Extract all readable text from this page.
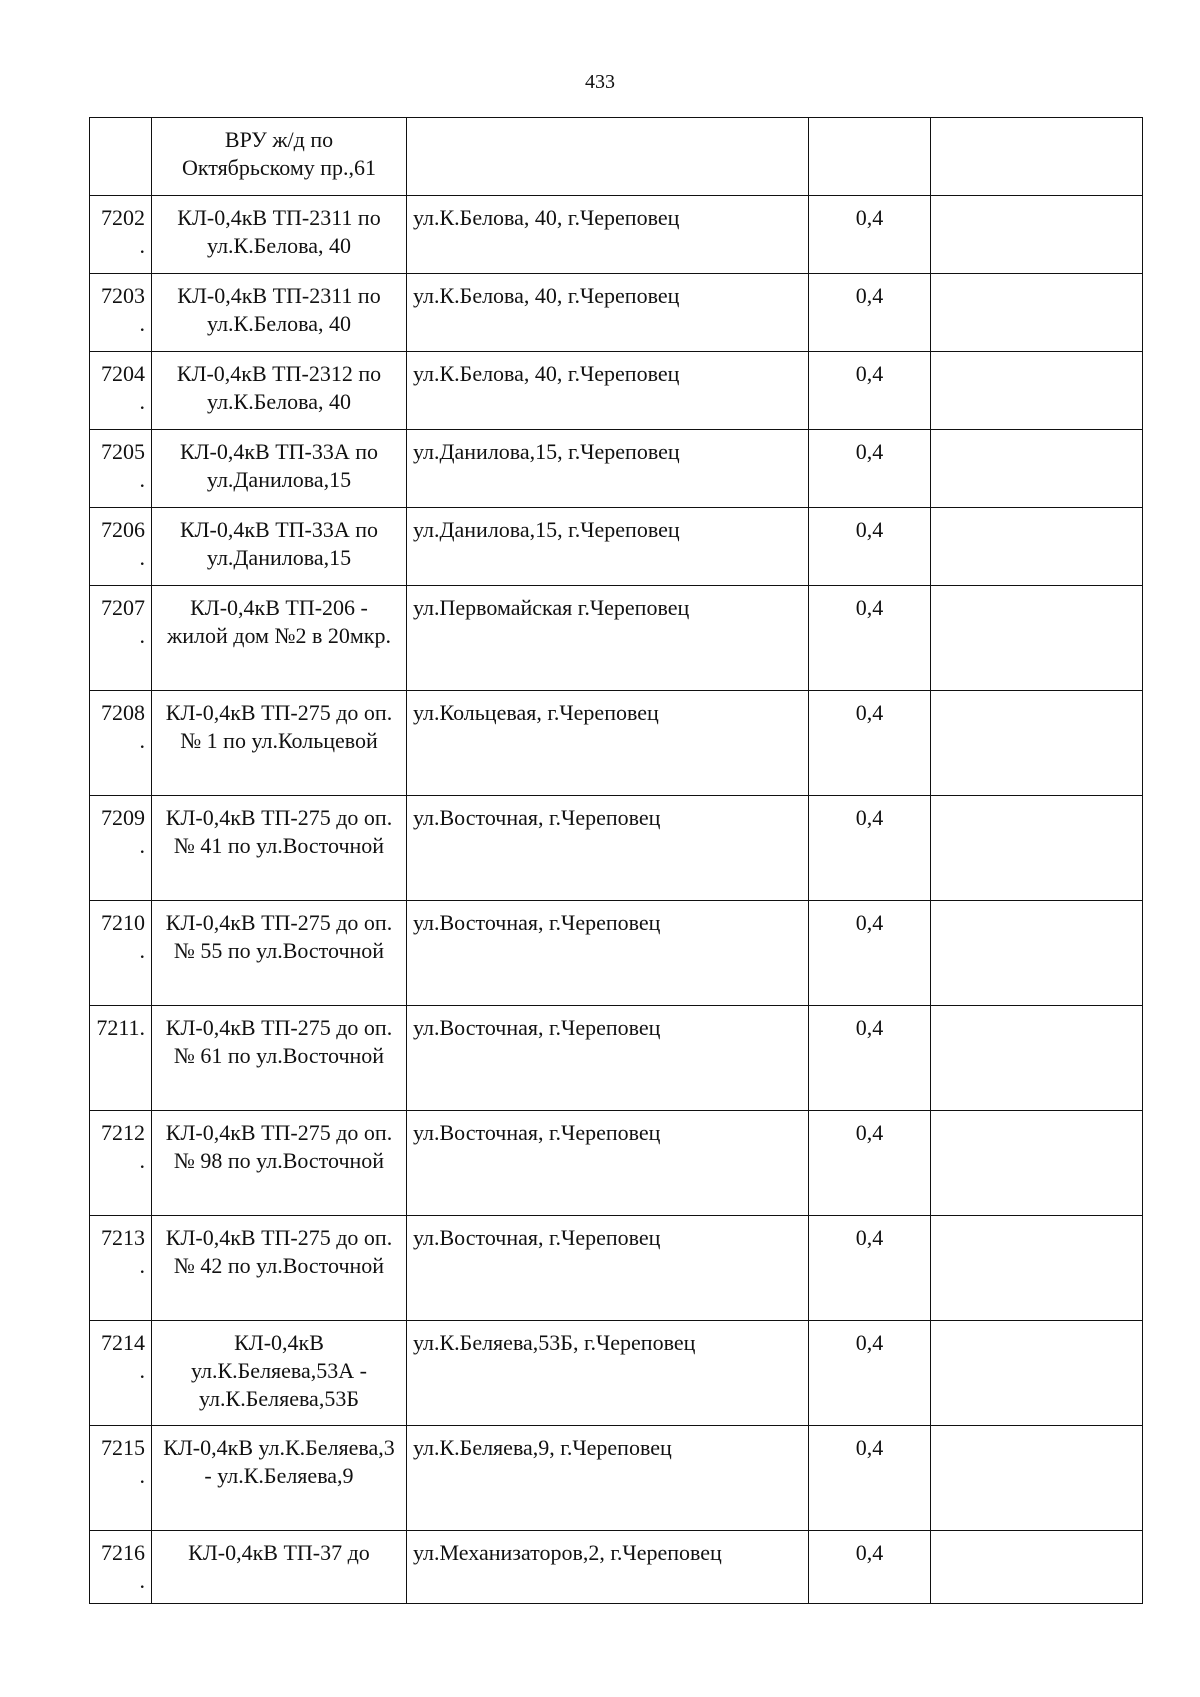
433
	ВРУ ж/д по Октябрьскому пр.,61			
7202.	КЛ-0,4кВ ТП-2311 по ул.К.Белова, 40	ул.К.Белова, 40, г.Череповец	0,4	
7203.	КЛ-0,4кВ ТП-2311 по ул.К.Белова, 40	ул.К.Белова, 40, г.Череповец	0,4	
7204.	КЛ-0,4кВ ТП-2312 по ул.К.Белова, 40	ул.К.Белова, 40, г.Череповец	0,4	
7205.	КЛ-0,4кВ ТП-33А по ул.Данилова,15	ул.Данилова,15, г.Череповец	0,4	
7206.	КЛ-0,4кВ ТП-33А по ул.Данилова,15	ул.Данилова,15, г.Череповец	0,4	
7207.	КЛ-0,4кВ ТП-206 - жилой дом №2 в 20мкр.	ул.Первомайская г.Череповец	0,4	
7208.	КЛ-0,4кВ ТП-275 до оп.№ 1 по ул.Кольцевой	ул.Кольцевая, г.Череповец	0,4	
7209.	КЛ-0,4кВ ТП-275 до оп.№ 41 по ул.Восточной	ул.Восточная, г.Череповец	0,4	
7210.	КЛ-0,4кВ ТП-275 до оп.№ 55 по ул.Восточной	ул.Восточная, г.Череповец	0,4	
7211.	КЛ-0,4кВ ТП-275 до оп.№ 61 по ул.Восточной	ул.Восточная, г.Череповец	0,4	
7212.	КЛ-0,4кВ ТП-275 до оп.№ 98 по ул.Восточной	ул.Восточная, г.Череповец	0,4	
7213.	КЛ-0,4кВ ТП-275 до оп.№ 42 по ул.Восточной	ул.Восточная, г.Череповец	0,4	
7214.	КЛ-0,4кВ ул.К.Беляева,53А - ул.К.Беляева,53Б	ул.К.Беляева,53Б, г.Череповец	0,4	
7215.	КЛ-0,4кВ ул.К.Беляева,3 - ул.К.Беляева,9	ул.К.Беляева,9, г.Череповец	0,4	
7216.	КЛ-0,4кВ ТП-37 до	ул.Механизаторов,2, г.Череповец	0,4	
